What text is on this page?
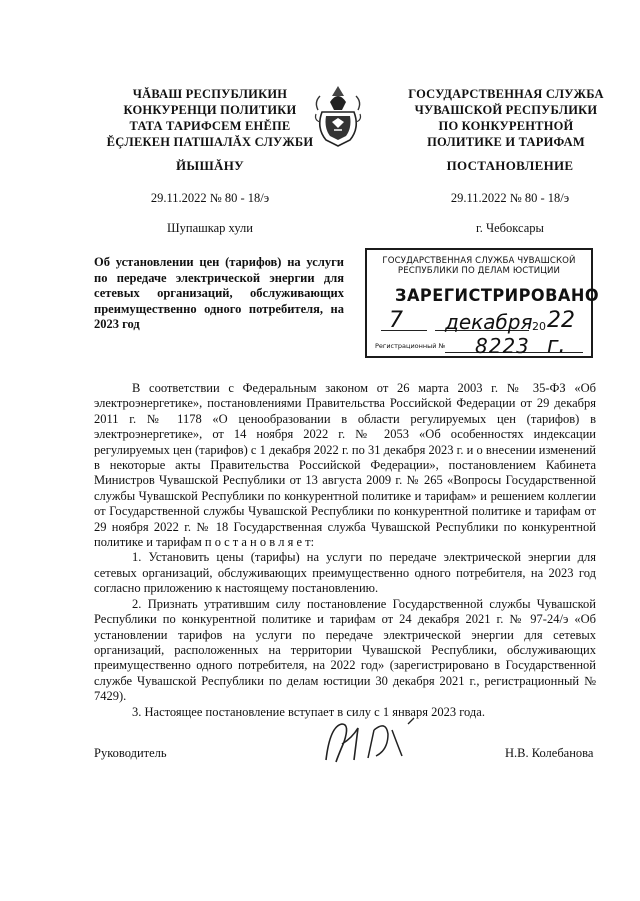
ЧĂВАШ РЕСПУБЛИКИН
КОНКУРЕНЦИ ПОЛИТИКИ
ТАТА ТАРИФСЕМ ЕНĔПЕ
ĔÇЛЕКЕН ПАТШАЛĂХ СЛУЖБИ
ГОСУДАРСТВЕННАЯ СЛУЖБА
ЧУВАШСКОЙ РЕСПУБЛИКИ
ПО КОНКУРЕНТНОЙ
ПОЛИТИКЕ И ТАРИФАМ
ЙЫШĂНУ	ПОСТАНОВЛЕНИЕ
29.11.2022 № 80 - 18/э	29.11.2022 № 80 - 18/э
Шупашкар хули	г. Чебоксары
Об установлении цен (тарифов) на услуги по передаче электрической энергии для сетевых организаций, обслуживающих преимущественно одного потребителя, на 2023 год
ГОСУДАРСТВЕННАЯ СЛУЖБА ЧУВАШСКОЙ РЕСПУБЛИКИ ПО ДЕЛАМ ЮСТИЦИИ
ЗАРЕГИСТРИРОВАНО
7 декабря 20 22 г.
Регистрационный № 8223

В соответствии с Федеральным законом от 26 марта 2003 г. № 35-ФЗ «Об электроэнергетике», постановлениями Правительства Российской Федерации от 29 декабря 2011 г. № 1178 «О ценообразовании в области регулируемых цен (тарифов) в электроэнергетике», от 14 ноября 2022 г. № 2053 «Об особенностях индексации регулируемых цен (тарифов) с 1 декабря 2022 г. по 31 декабря 2023 г. и о внесении изменений в некоторые акты Правительства Российской Федерации», постановлением Кабинета Министров Чувашской Республики от 13 августа 2009 г. № 265 «Вопросы Государственной службы Чувашской Республики по конкурентной политике и тарифам» и решением коллегии от Государственной службы Чувашской Республики по конкурентной политике и тарифам от 29 ноября 2022 г. № 18 Государственная служба Чувашской Республики по конкурентной политике и тарифам п о с т а н о в л я е т:

1. Установить цены (тарифы) на услуги по передаче электрической энергии для сетевых организаций, обслуживающих преимущественно одного потребителя, на 2023 год согласно приложению к настоящему постановлению.

2. Признать утратившим силу постановление Государственной службы Чувашской Республики по конкурентной политике и тарифам от 24 декабря 2021 г. № 97-24/э «Об установлении тарифов на услуги по передаче электрической энергии для сетевых организаций, расположенных на территории Чувашской Республики, обслуживающих преимущественно одного потребителя, на 2022 год» (зарегистрировано в Государственной службе Чувашской Республики по делам юстиции 30 декабря 2021 г., регистрационный № 7429).

3. Настоящее постановление вступает в силу с 1 января 2023 года.

Руководитель	Н.В. Колебанова
